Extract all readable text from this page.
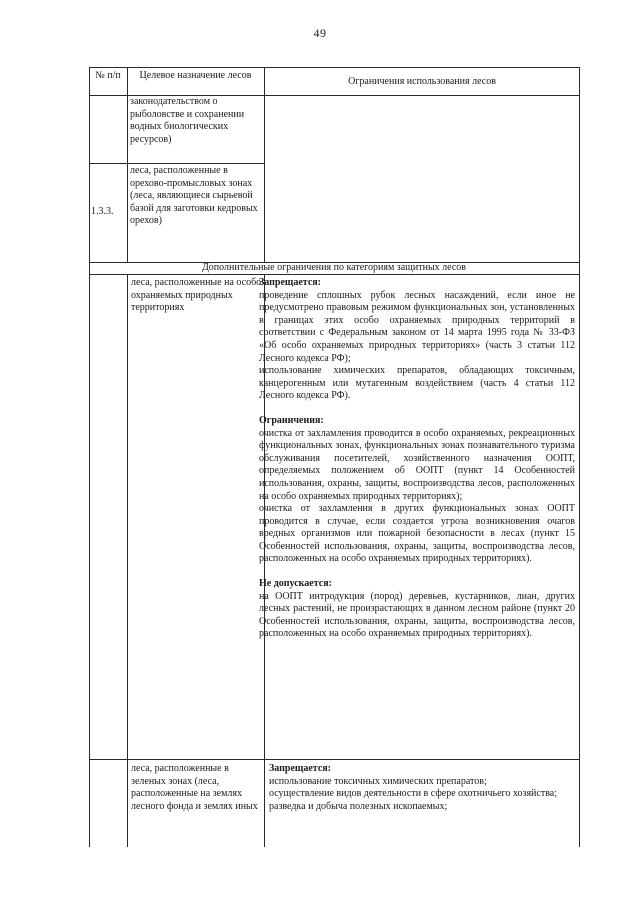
49
№ п/п	Целевое назначение лесов
Ограничения использования лесов
законодательством о рыболовстве и сохранении водных биологических ресурсов)
1.3.3.
леса, расположенные в орехово-промысловых зонах (леса, являющиеся сырьевой базой для заготовки кедровых орехов)
Дополнительные ограничения по категориям защитных лесов
леса, расположенные на особо охраняемых природных территориях
Запрещается:
проведение сплошных рубок лесных насаждений, если иное не предусмотрено правовым режимом функциональных зон, установленных в границах этих особо охраняемых природных территорий в соответствии с Федеральным законом от 14 марта 1995 года № 33-ФЗ «Об особо охраняемых природных территориях» (часть 3 статьи 112 Лесного кодекса РФ);
использование химических препаратов, обладающих токсичным, канцерогенным или мутагенным воздействием (часть 4 статьи 112 Лесного кодекса РФ).
Ограничения:
очистка от захламления проводится в особо охраняемых, рекреационных функциональных зонах, функциональных зонах познавательного туризма обслуживания посетителей, хозяйственного назначения ООПТ, определяемых положением об ООПТ (пункт 14 Особенностей использования, охраны, защиты, воспроизводства лесов, расположенных на особо охраняемых природных территориях);
очистка от захламления в других функциональных зонах ООПТ проводится в случае, если создается угроза возникновения очагов вредных организмов или пожарной безопасности в лесах (пункт 15 Особенностей использования, охраны, защиты, воспроизводства лесов, расположенных на особо охраняемых природных территориях).
Не допускается:
на ООПТ интродукция (пород) деревьев, кустарников, лиан, других лесных растений, не произрастающих в данном лесном районе (пункт 20 Особенностей использования, охраны, защиты, воспроизводства лесов, расположенных на особо охраняемых природных территориях).
леса, расположенные в зеленых зонах (леса, расположенные на землях лесного фонда и землях иных
Запрещается:
использование токсичных химических препаратов;
осуществление видов деятельности в сфере охотничьего хозяйства;
разведка и добыча полезных ископаемых;
